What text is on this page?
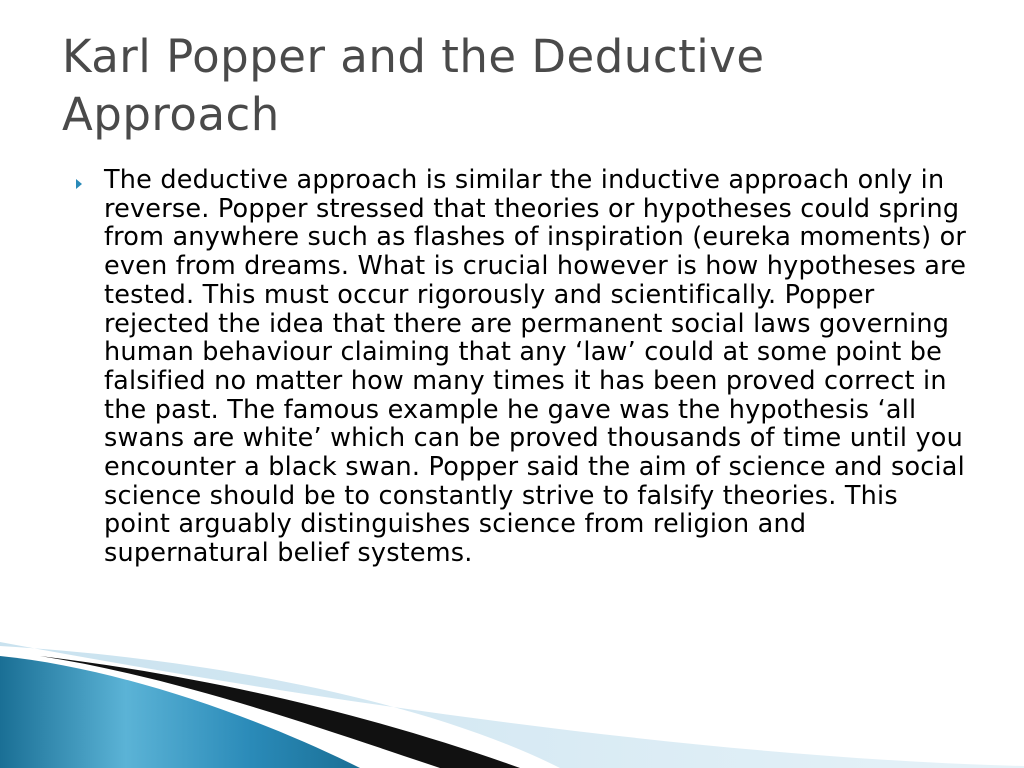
Karl Popper and the Deductive Approach
The deductive approach is similar the inductive approach only in reverse. Popper stressed that theories or hypotheses could spring from anywhere such as flashes of inspiration (eureka moments) or even from dreams. What is crucial however is how hypotheses are tested. This must occur rigorously and scientifically. Popper rejected the idea that there are permanent social laws governing human behaviour claiming that any ‘law’ could at some point be falsified no matter how many times it has been proved correct in the past. The famous example he gave was the hypothesis ‘all swans are white’ which can be proved thousands of time until you encounter a black swan. Popper said the aim of science and social science should be to constantly strive to falsify theories. This point arguably distinguishes science from religion and supernatural belief systems.
